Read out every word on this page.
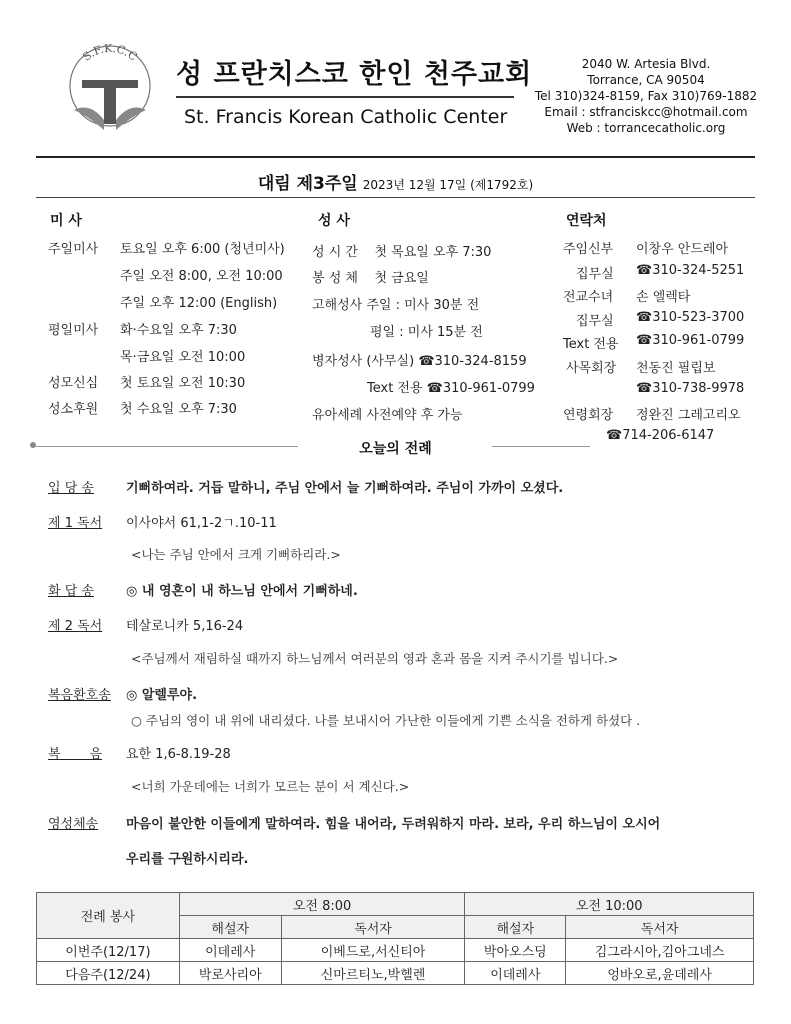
S.F.K.C.C
성 프란치스코 한인 천주교회
St. Francis Korean Catholic Center
2040 W. Artesia Blvd.
Torrance, CA 90504
Tel 310)324-8159, Fax 310)769-1882
Email : stfranciskcc@hotmail.com
Web : torrancecatholic.org
대림 제3주일 2023년 12월 17일 (제1792호)
미 사
주일미사 토요일 오후 6:00 (청년미사)
주일 오전 8:00, 오전 10:00
주일 오후 12:00 (English)
평일미사 화·수요일 오후 7:30
목·금요일 오전 10:00
성모신심 첫 토요일 오전 10:30
성소후원 첫 수요일 오후 7:30
성 사
성 시 간    첫 목요일 오후 7:30
봉 성 체    첫 금요일
고해성사 주일 : 미사 30분 전
평일 : 미사 15분 전
병자성사 (사무실) ☎310-324-8159
Text 전용 ☎310-961-0799
유아세례 사전예약 후 가능
연락처
주임신부 이창우 안드레아
집무실 ☎310-324-5251
전교수녀 손 엘렉타
집무실 ☎310-523-3700
Text 전용 ☎310-961-0799
사목회장 천동진 필립보
☎310-738-9978
연령회장 정완진 그레고리오
☎714-206-6147
오늘의 전례
입 당 송 기뻐하여라. 거듭 말하니, 주님 안에서 늘 기뻐하여라. 주님이 가까이 오셨다.
제 1 독서 이사야서 61,1-2ㄱ.10-11
<나는 주님 안에서 크게 기뻐하리라.>
화 답 송 ◎ 내 영혼이 내 하느님 안에서 기뻐하네.
제 2 독서 테살로니카 5,16-24
<주님께서 재림하실 때까지 하느님께서 여러분의 영과 혼과 몸을 지켜 주시기를 빕니다.>
복음환호송 ◎ 알렐루야.
○ 주님의 영이 내 위에 내리셨다. 나를 보내시어 가난한 이들에게 기쁜 소식을 전하게 하셨다 .
복       음 요한 1,6-8.19-28
<너희 가운데에는 너희가 모르는 분이 서 계신다.>
영성체송 마음이 불안한 이들에게 말하여라. 힘을 내어라, 두려워하지 마라. 보라, 우리 하느님이 오시어
우리를 구원하시리라.
전례 봉사	오전 8:00		오전 10:00	
	해설자	독서자	해설자	독서자
이번주(12/17)	이데레사	이베드로,서신티아	박아오스딩	김그라시아,김아그네스
다음주(12/24)	박로사리아	신마르티노,박헬렌	이데레사	엉바오로,윤데레사
